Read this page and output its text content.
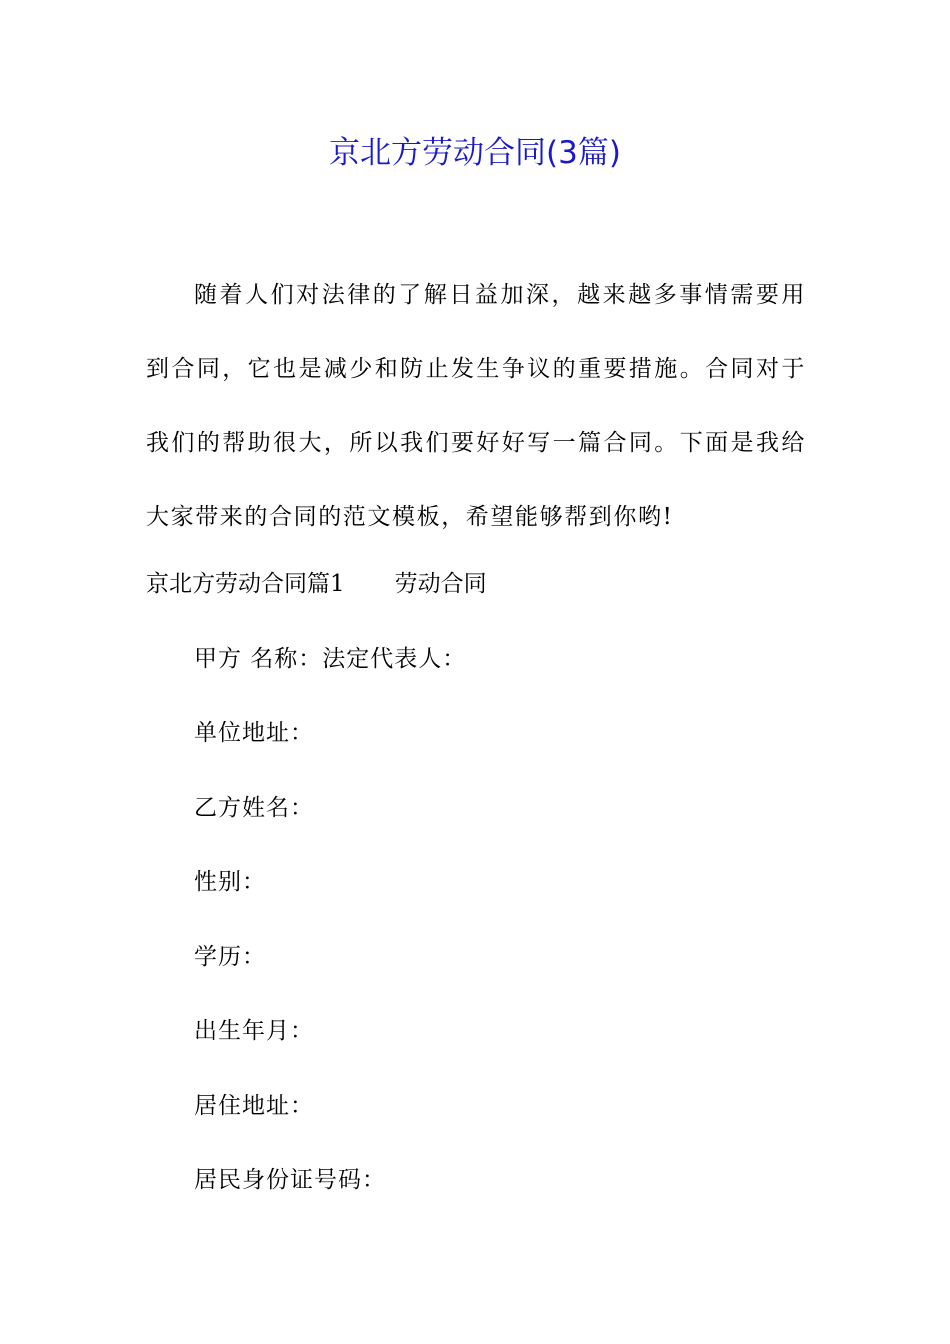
京北方劳动合同(3篇)

随着人们对法律的了解日益加深，越来越多事情需要用到合同，它也是减少和防止发生争议的重要措施。合同对于我们的帮助很大，所以我们要好好写一篇合同。下面是我给大家带来的合同的范文模板，希望能够帮到你哟!

京北方劳动合同篇1 劳动合同

甲方 名称：法定代表人：

单位地址：

乙方姓名：

性别：

学历：

出生年月：

居住地址：

居民身份证号码：
